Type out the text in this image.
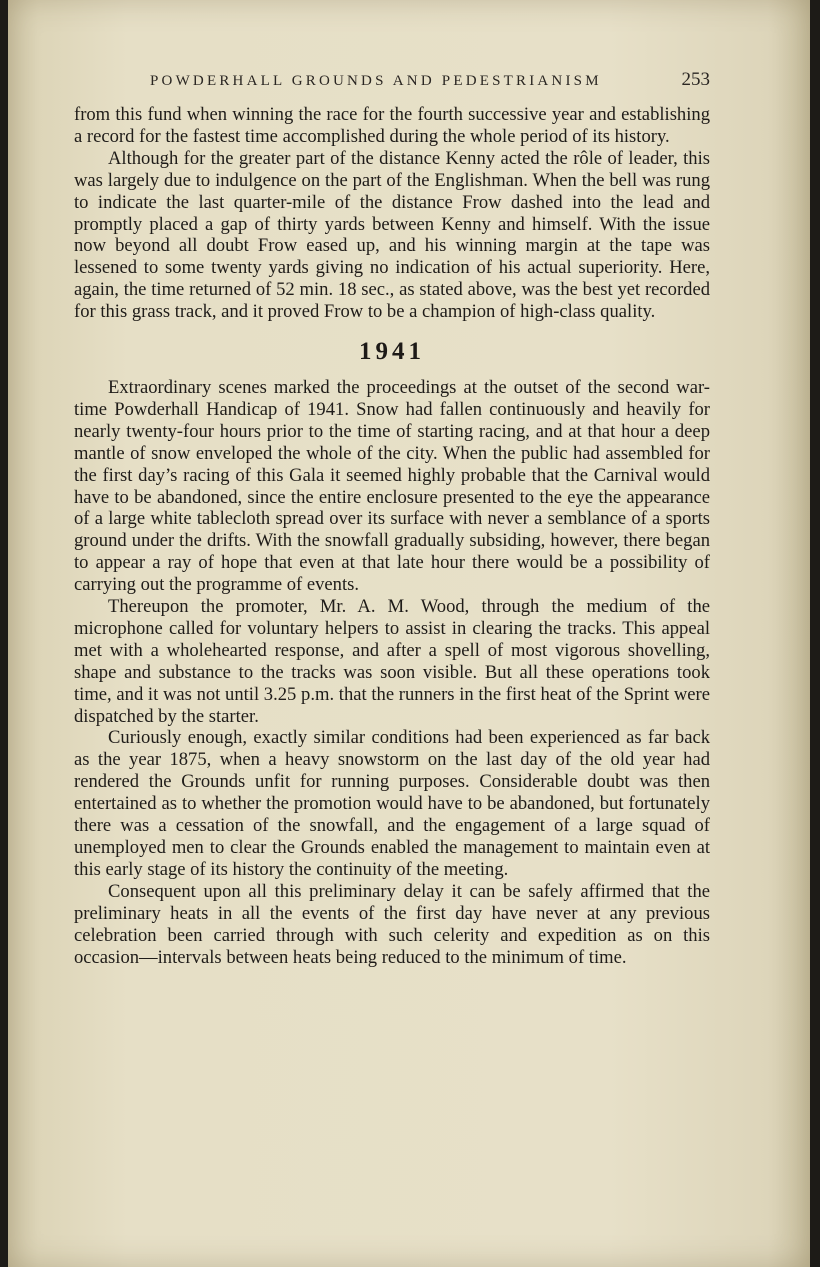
POWDERHALL GROUNDS AND PEDESTRIANISM	253

from this fund when winning the race for the fourth successive year and establishing a record for the fastest time accomplished during the whole period of its history.

Although for the greater part of the distance Kenny acted the rôle of leader, this was largely due to indulgence on the part of the Englishman. When the bell was rung to indicate the last quarter-mile of the distance Frow dashed into the lead and promptly placed a gap of thirty yards between Kenny and himself. With the issue now beyond all doubt Frow eased up, and his winning margin at the tape was lessened to some twenty yards giving no indication of his actual superiority. Here, again, the time returned of 52 min. 18 sec., as stated above, was the best yet recorded for this grass track, and it proved Frow to be a champion of high-class quality.

1941

Extraordinary scenes marked the proceedings at the outset of the second war-time Powderhall Handicap of 1941. Snow had fallen continuously and heavily for nearly twenty-four hours prior to the time of starting racing, and at that hour a deep mantle of snow enveloped the whole of the city. When the public had assembled for the first day’s racing of this Gala it seemed highly probable that the Carnival would have to be abandoned, since the entire enclosure presented to the eye the appearance of a large white tablecloth spread over its surface with never a semblance of a sports ground under the drifts. With the snowfall gradually subsiding, however, there began to appear a ray of hope that even at that late hour there would be a possibility of carrying out the programme of events.

Thereupon the promoter, Mr. A. M. Wood, through the medium of the microphone called for voluntary helpers to assist in clearing the tracks. This appeal met with a wholehearted response, and after a spell of most vigorous shovelling, shape and substance to the tracks was soon visible. But all these operations took time, and it was not until 3.25 p.m. that the runners in the first heat of the Sprint were dispatched by the starter.

Curiously enough, exactly similar conditions had been experienced as far back as the year 1875, when a heavy snowstorm on the last day of the old year had rendered the Grounds unfit for running purposes. Considerable doubt was then entertained as to whether the promotion would have to be abandoned, but fortunately there was a cessation of the snowfall, and the engagement of a large squad of unemployed men to clear the Grounds enabled the management to maintain even at this early stage of its history the continuity of the meeting.

Consequent upon all this preliminary delay it can be safely affirmed that the preliminary heats in all the events of the first day have never at any previous celebration been carried through with such celerity and expedition as on this occasion—intervals between heats being reduced to the minimum of time.
